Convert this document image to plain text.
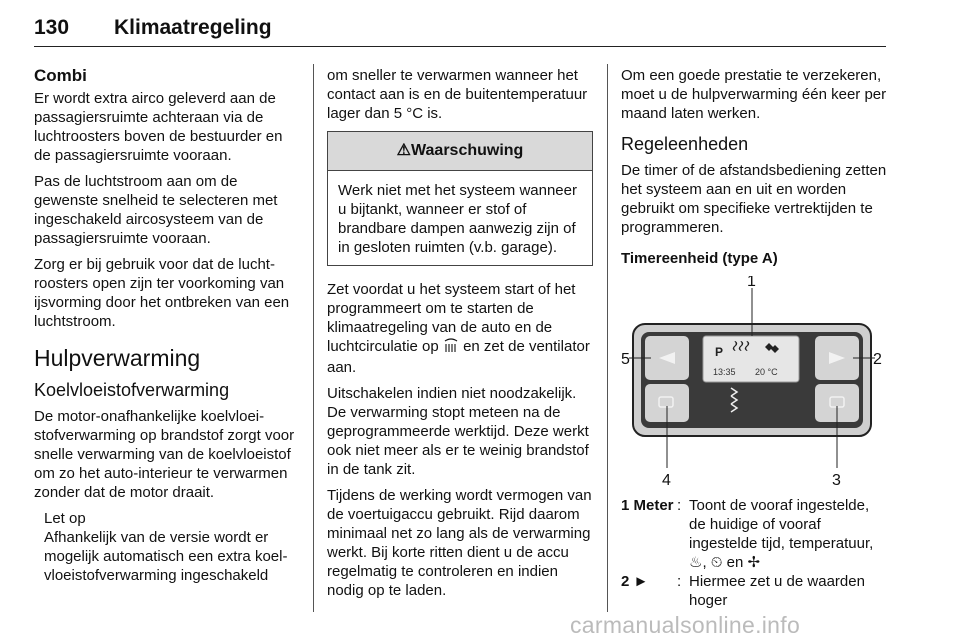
130 Klimaatregeling
Combi

Er wordt extra airco geleverd aan de passagiersruimte achteraan via de luchtroosters boven de bestuurder en de passagiersruimte vooraan.

Pas de luchtstroom aan om de gewenste snelheid te selecteren met ingeschakeld aircosysteem van de passagiersruimte vooraan.

Zorg er bij gebruik voor dat de luchtroosters open zijn ter voorkoming van ijsvorming door het ontbreken van een luchtstroom.

Hulpverwarming
Koelvloeistofverwarming

De motor-onafhankelijke koelvloeistofverwarming op brandstof zorgt voor snelle verwarming van de koelvloeistof om zo het auto-interieur te verwarmen zonder dat de motor draait.

Let op
Afhankelijk van de versie wordt er mogelijk automatisch een extra koelvloeistofverwarming ingeschakeld

om sneller te verwarmen wanneer het contact aan is en de buitentemperatuur lager dan 5 °C is.

⚠Waarschuwing
Werk niet met het systeem wanneer u bijtankt, wanneer er stof of brandbare dampen aanwezig zijn of in gesloten ruimten (v.b. garage).

Zet voordat u het systeem start of het programmeert om te starten de klimaatregeling van de auto en de luchtcirculatie op  en zet de ventilator aan.

Uitschakelen indien niet noodzakelijk. De verwarming stopt meteen na de geprogrammeerde werktijd. Deze werkt ook niet meer als er te weinig brandstof in de tank zit.

Tijdens de werking wordt vermogen van de voertuigaccu gebruikt. Rijd daarom minimaal net zo lang als de verwarming werkt. Bij korte ritten dient u de accu regelmatig te controleren en indien nodig op te laden.

Om een goede prestatie te verzekeren, moet u de hulpverwarming één keer per maand laten werken.

Regeleenheden

De timer of de afstandsbediening zetten het systeem aan en uit en worden gebruikt om specifieke vertrektijden te programmeren.

Timereenheid (type A)
P
13:35 20 °C
1
5	2
4	3
1 Meter : Toont de vooraf ingestelde, de huidige of vooraf ingestelde tijd, temperatuur, ♨, ⏲ en ✢
2 ►	: Hiermee zet u de waarden hoger
carmanualsonline.info
